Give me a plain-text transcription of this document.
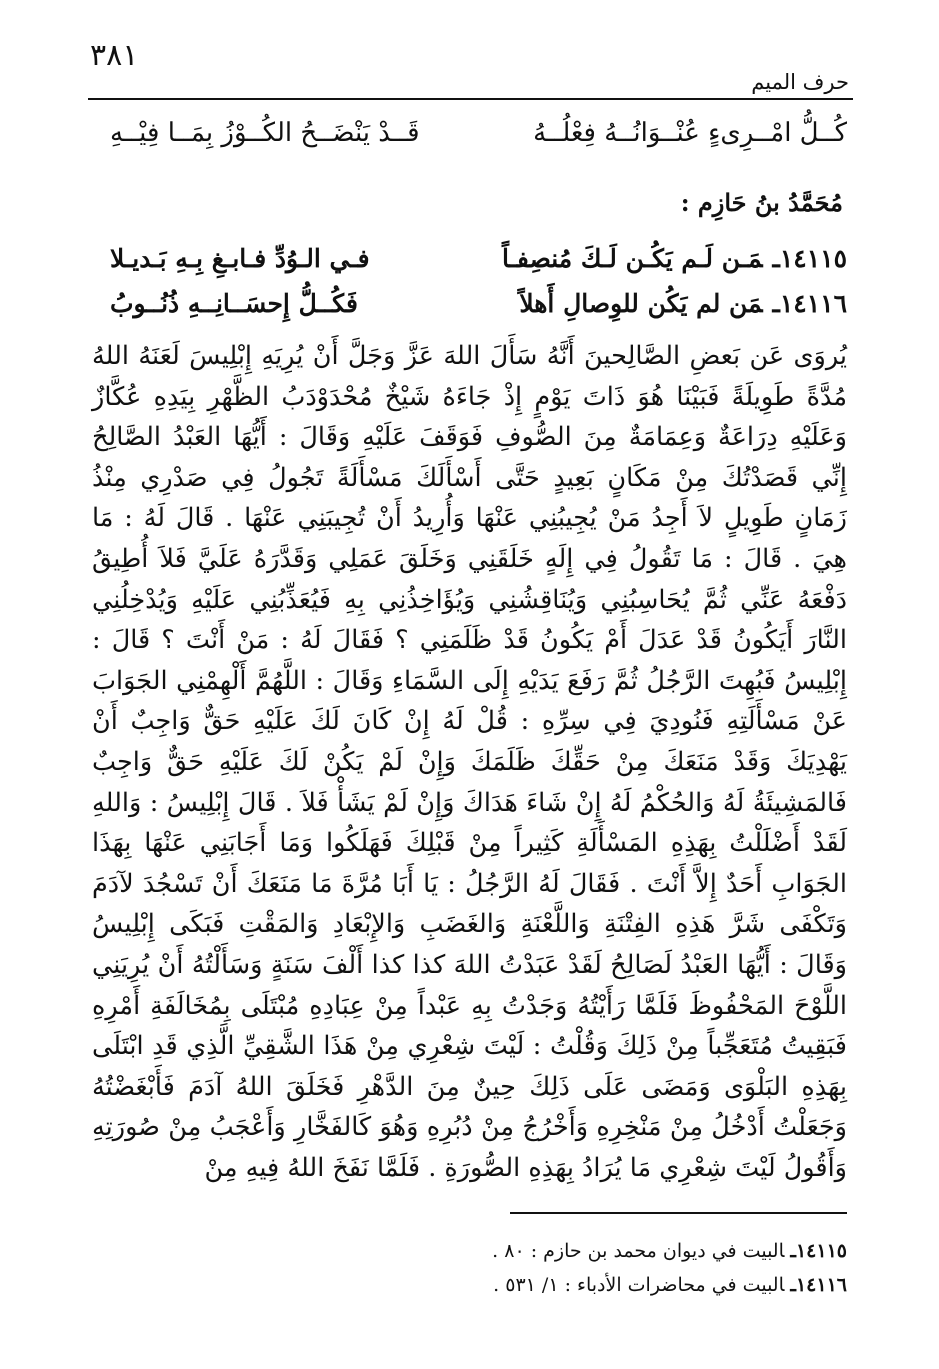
٣٨١
حرف الميم
كُــلُّ امْــرِىءٍ عُنْــوَانُــهُ فِعْلُــهُ
قَــدْ يَنْضَــحُ الكُــوْزُ بِمَــا فِيْــهِ
مُحَمَّدُ بنُ حَازِم :
١٤١١٥ـمَـن لَـم يَكُـن لَـكَ مُنصِفـاً
فـي الـوُدِّ فـابـغِ بِـهِ بَـديـلا
١٤١١٦ـمَن لم يَكُن للوِصالِ أَهلاً
فَكُــلُّ إِحسَــانِــهِ ذُنُــوبُ

يُروَى عَن بَعضِ الصَّالِحينَ أَنَّهُ سَأَلَ اللهَ عَزَّ وَجَلَّ أَنْ يُرِيَهِ إِبْلِيسَ لَعَنَهُ اللهُ مُدَّةً طَوِيلَةً فَبَيْنَا هُوَ ذَاتَ يَوْمٍ إِذْ جَاءَهُ شَيْخٌ مُحْدَوْدَبُ الظَّهْرِ بِيَدِهِ عُكَّازٌ وَعَلَيْهِ دِرَاعَةٌ وَعِمَامَةٌ مِنَ الصُّوفِ فَوَقَفَ عَلَيْهِ وَقَالَ : أَيُّهَا العَبْدُ الصَّالِحُ إِنِّي قَصَدْتُكَ مِنْ مَكَانٍ بَعِيدٍ حَتَّى أَسْأَلَكَ مَسْأَلَةً تَجُولُ فِي صَدْرِي مِنْذُ زَمَانٍ طَوِيلٍ لاَ أَجِدُ مَنْ يُجِيبُنِي عَنْهَا وَأُرِيدُ أَنْ تُجِيبَنِي عَنْهَا . قَالَ لَهُ : مَا هِيَ . قَالَ : مَا تَقُولُ فِي إِلَهٍ خَلَقَنِي وَخَلَقَ عَمَلِي وَقَدَّرَهُ عَلَيَّ فَلاَ أُطِيقُ دَفْعَهُ عَنِّي ثُمَّ يُحَاسِبُنِي وَيُنَاقِشُنِي وَيُؤَاخِذُنِي بِهِ فَيُعَذِّبُنِي عَلَيْهِ وَيُدْخِلُنِي النَّارَ أَيَكُونُ قَدْ عَدَلَ أَمْ يَكُونُ قَدْ ظَلَمَنِي ؟ فَقَالَ لَهُ : مَنْ أَنْتَ ؟ قَالَ : إِبْلِيسُ فَبُهِتَ الرَّجُلُ ثُمَّ رَفَعَ يَدَيْهِ إِلَى السَّمَاءِ وَقَالَ : اللَّهُمَّ أَلْهِمْنِي الجَوَابَ عَنْ مَسْأَلَتِهِ فَنُودِيَ فِي سِرِّهِ : قُلْ لَهُ إِنْ كَانَ لَكَ عَلَيْهِ حَقٌّ وَاجِبٌ أَنْ يَهْدِيَكَ وَقَدْ مَنَعَكَ مِنْ حَقِّكَ ظَلَمَكَ وَإِنْ لَمْ يَكُنْ لَكَ عَلَيْهِ حَقٌّ وَاجِبٌ فَالمَشِيئَةُ لَهُ وَالحُكْمُ لَهُ إِنْ شَاءَ هَدَاكَ وَإِنْ لَمْ يَشَأْ فَلاَ . قَالَ إِبْلِيسُ : وَاللهِ لَقَدْ أَضْلَلْتُ بِهَذِهِ المَسْأَلَةِ كَثِيراً مِنْ قَبْلِكَ فَهَلَكُوا وَمَا أَجَابَنِي عَنْهَا بِهَذَا الجَوَابِ أَحَدٌ إِلاَّ أَنْتَ . فَقَالَ لَهُ الرَّجُلُ : يَا أَبَا مُرَّةَ مَا مَنَعَكَ أَنْ تَسْجُدَ لآدَمَ وَتَكْفَى شَرَّ هَذِهِ الفِتْنَةِ وَاللَّعْنَةِ وَالغَضَبِ وَالإِبْعَادِ وَالمَقْتِ فَبَكَى إِبْلِيسُ وَقَالَ : أَيُّهَا العَبْدُ لَصَالِحُ لَقَدْ عَبَدْتُ اللهَ كذا كذا أَلْفَ سَنَةٍ وَسَأَلْتُهُ أَنْ يُرِيَنِي اللَّوْحَ المَحْفُوظَ فَلَمَّا رَأَيْتُهُ وَجَدْتُ بِهِ عَبْداً مِنْ عِبَادِهِ مُبْتَلَى بِمُخَالَفَةِ أَمْرِهِ فَبَقِيتُ مُتَعَجِّباً مِنْ ذَلِكَ وَقُلْتُ : لَيْتَ شِعْرِي مِنْ هَذَا الشَّقِيِّ الَّذِي قَدِ ابْتَلَى بِهَذِهِ البَلْوَى وَمَضَى عَلَى ذَلِكَ حِينٌ مِنَ الدَّهْرِ فَخَلَقَ اللهُ آدَمَ فَأَبْغَضْتُهُ وَجَعَلْتُ أَدْخُلُ مِنْ مَنْخِرِهِ وَأَخْرُجُ مِنْ دُبُرِهِ وَهُوَ كَالفَخَّارِ وَأَعْجَبُ مِنْ صُورَتِهِ وَأَقُولُ لَيْتَ شِعْرِي مَا يُرَادُ بِهَذِهِ الصُّورَةِ . فَلَمَّا نَفَخَ اللهُ فِيهِ مِنْ

١٤١١٥ـالبيت في ديوان محمد بن حازم : ٨٠ .
١٤١١٦ـالبيت في محاضرات الأدباء : ١/ ٥٣١ .
